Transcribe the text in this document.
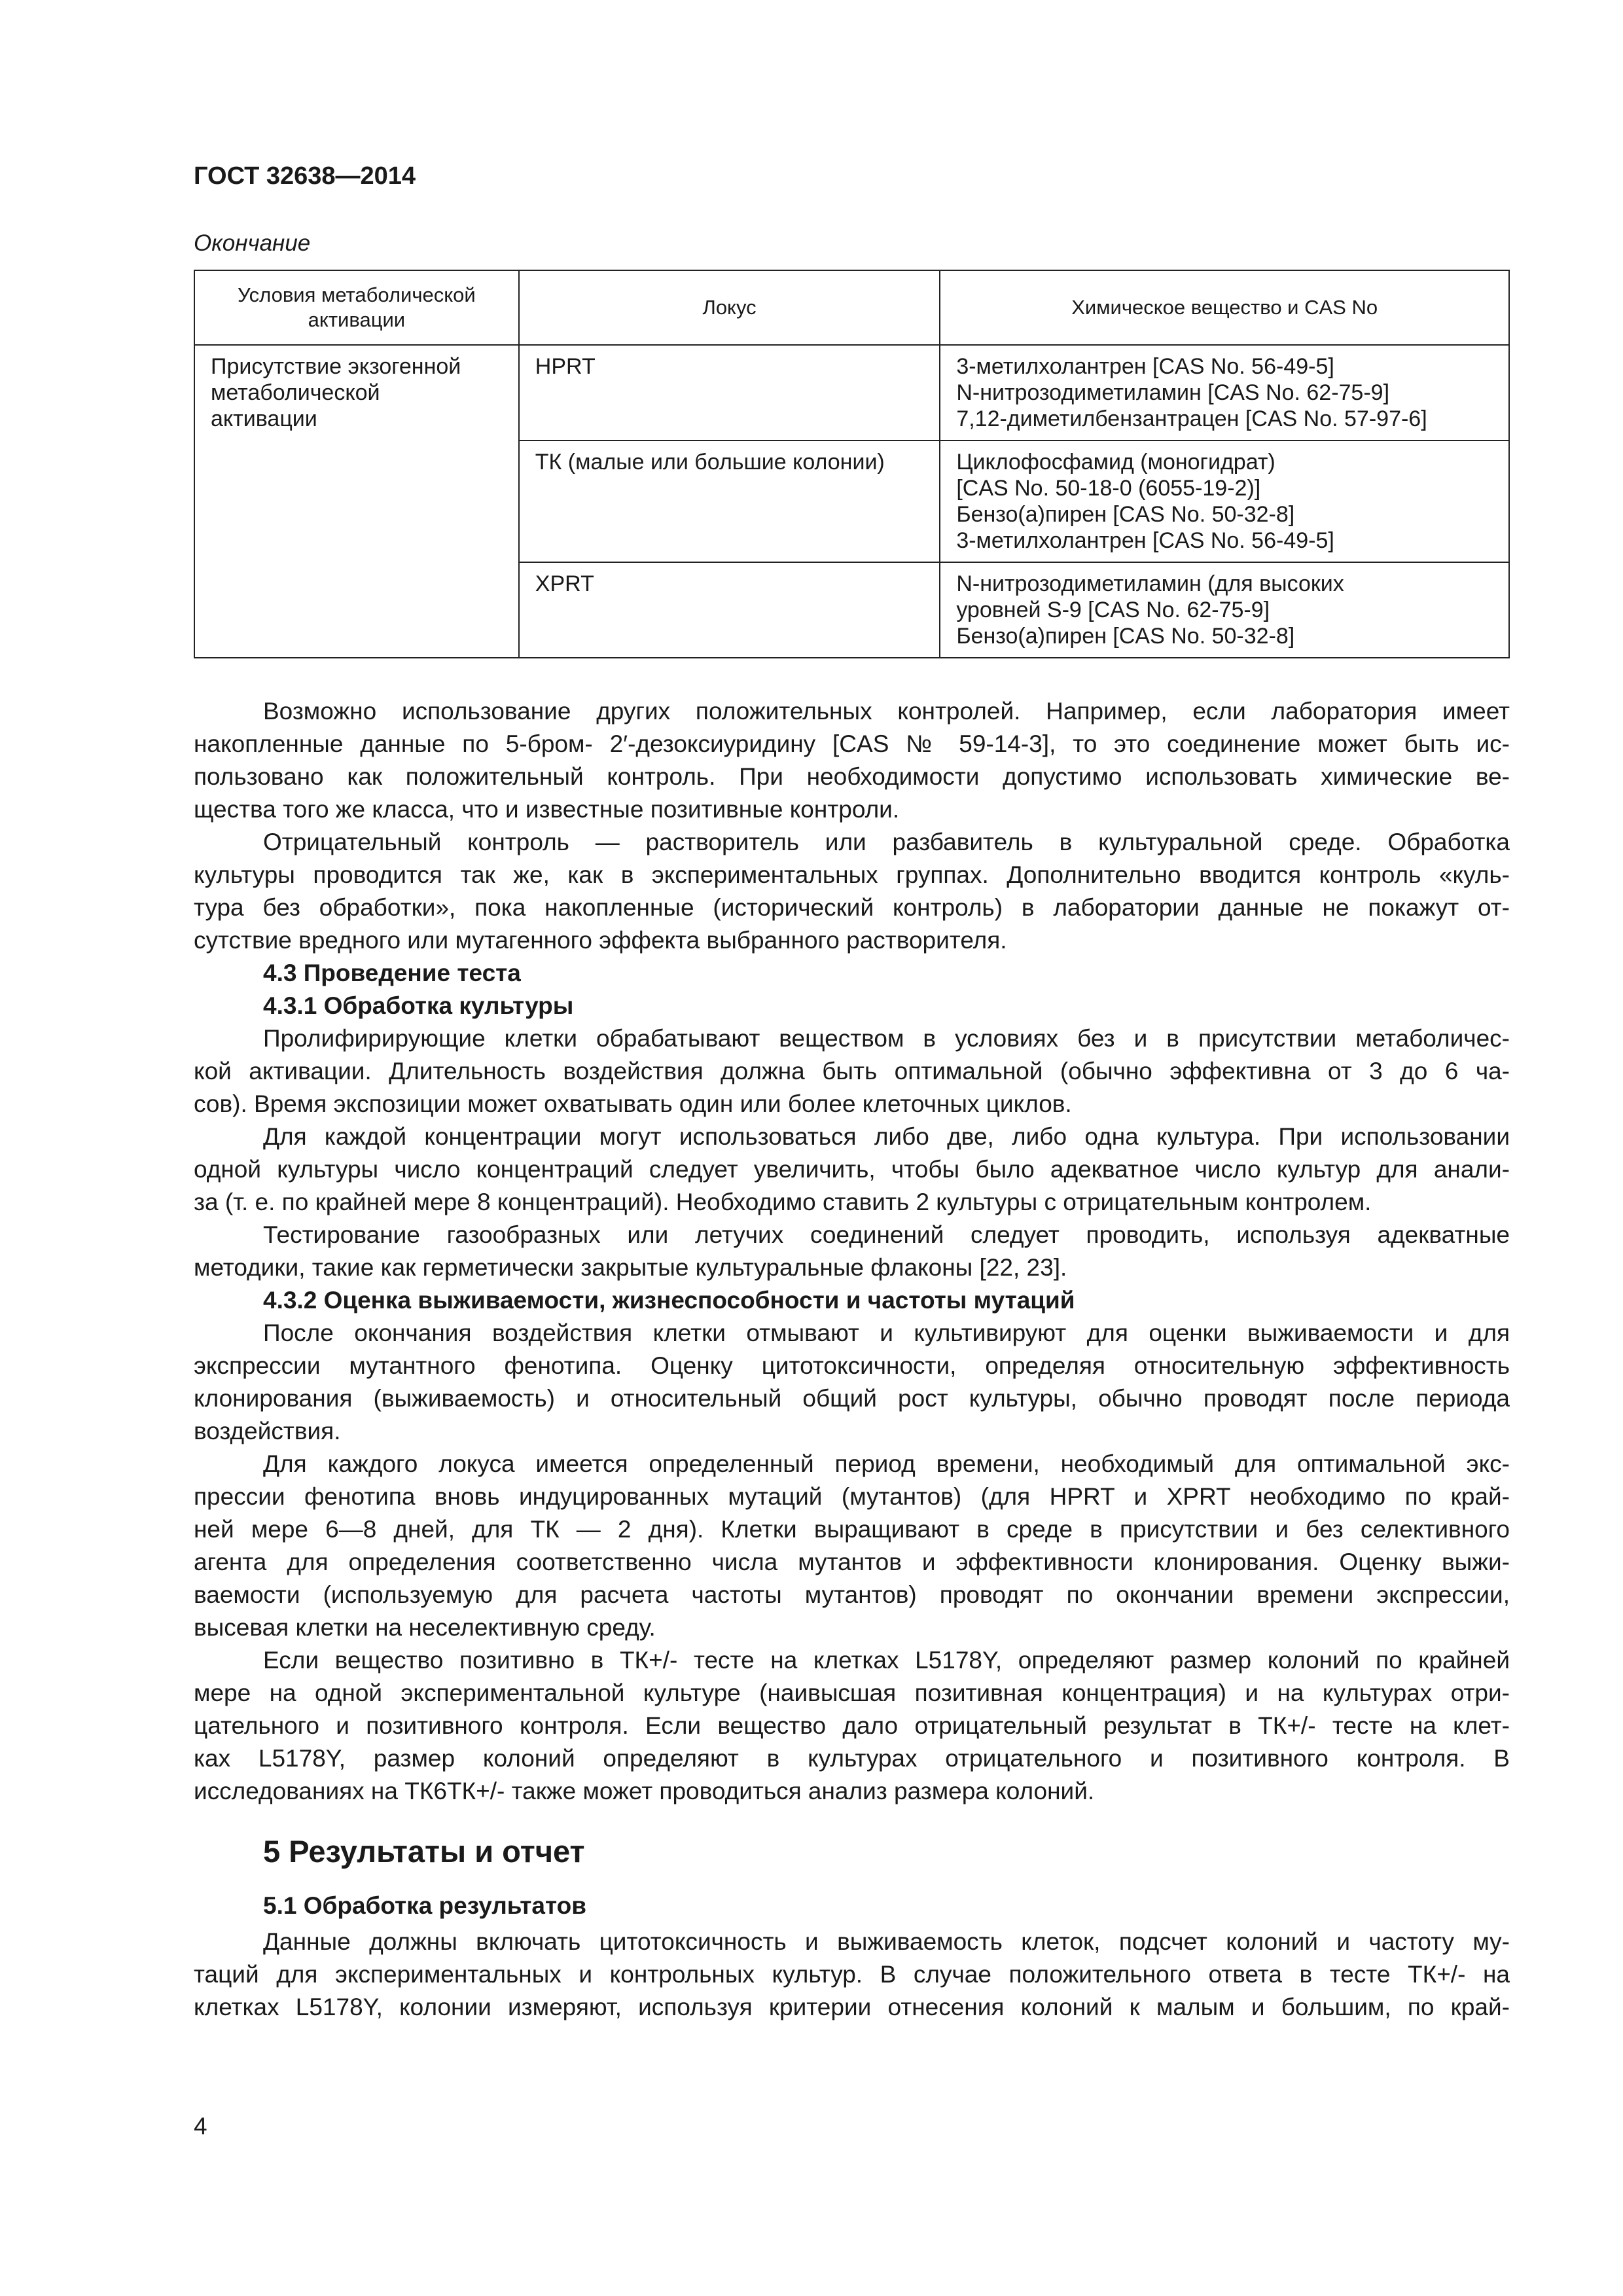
ГОСТ 32638—2014
Окончание
Условия метаболической активации	Локус	Химическое вещество и CAS No

Присутствие экзогенной
метаболической
активации	HPRT	3-метилхолантрен [CAS No. 56-49-5]
N-нитрозодиметиламин [CAS No. 62-75-9]
7,12-диметилбензантрацен [CAS No. 57-97-6]

	ТК (малые или большие колонии)	Циклофосфамид (моногидрат)
[CAS No. 50-18-0 (6055-19-2)]
Бензо(а)пирен [CAS No. 50-32-8]
3-метилхолантрен [CAS No. 56-49-5]

	XPRT	N-нитрозодиметиламин (для высоких
уровней S-9 [CAS No. 62-75-9]
Бензо(а)пирен [CAS No. 50-32-8]
Возможно использование других положительных контролей. Например, если лаборатория имеет
накопленные данные по 5-бром- 2′-дезоксиуридину [CAS № 59-14-3], то это соединение может быть ис-
пользовано как положительный контроль. При необходимости допустимо использовать химические ве-
щества того же класса, что и известные позитивные контроли.
Отрицательный контроль — растворитель или разбавитель в культуральной среде. Обработка
культуры проводится так же, как в экспериментальных группах. Дополнительно вводится контроль «куль-
тура без обработки», пока накопленные (исторический контроль) в лаборатории данные не покажут от-
сутствие вредного или мутагенного эффекта выбранного растворителя.
4.3 Проведение теста
4.3.1 Обработка культуры
Пролифирирующие клетки обрабатывают веществом в условиях без и в присутствии метаболичес-
кой активации. Длительность воздействия должна быть оптимальной (обычно эффективна от 3 до 6 ча-
сов). Время экспозиции может охватывать один или более клеточных циклов.
Для каждой концентрации могут использоваться либо две, либо одна культура. При использовании
одной культуры число концентраций следует увеличить, чтобы было адекватное число культур для анали-
за (т. е. по крайней мере 8 концентраций). Необходимо ставить 2 культуры с отрицательным контролем.
Тестирование газообразных или летучих соединений следует проводить, используя адекватные
методики, такие как герметически закрытые культуральные флаконы [22, 23].
4.3.2 Оценка выживаемости, жизнеспособности и частоты мутаций
После окончания воздействия клетки отмывают и культивируют для оценки выживаемости и для
экспрессии мутантного фенотипа. Оценку цитотоксичности, определяя относительную эффективность
клонирования (выживаемость) и относительный общий рост культуры, обычно проводят после периода
воздействия.
Для каждого локуса имеется определенный период времени, необходимый для оптимальной экс-
прессии фенотипа вновь индуцированных мутаций (мутантов) (для HPRT и XPRT необходимо по край-
ней мере 6—8 дней, для ТК — 2 дня). Клетки выращивают в среде в присутствии и без селективного
агента для определения соответственно числа мутантов и эффективности клонирования. Оценку выжи-
ваемости (используемую для расчета частоты мутантов) проводят по окончании времени экспрессии,
высевая клетки на неселективную среду.
Если вещество позитивно в ТК+/- тесте на клетках L5178Y, определяют размер колоний по крайней
мере на одной экспериментальной культуре (наивысшая позитивная концентрация) и на культурах отри-
цательного и позитивного контроля. Если вещество дало отрицательный результат в ТК+/- тесте на клет-
ках L5178Y, размер колоний определяют в культурах отрицательного и позитивного контроля. В
исследованиях на ТК6ТК+/- также может проводиться анализ размера колоний.
5 Результаты и отчет
5.1 Обработка результатов
Данные должны включать цитотоксичность и выживаемость клеток, подсчет колоний и частоту му-
таций для экспериментальных и контрольных культур. В случае положительного ответа в тесте ТК+/- на
клетках L5178Y, колонии измеряют, используя критерии отнесения колоний к малым и большим, по край-
4
